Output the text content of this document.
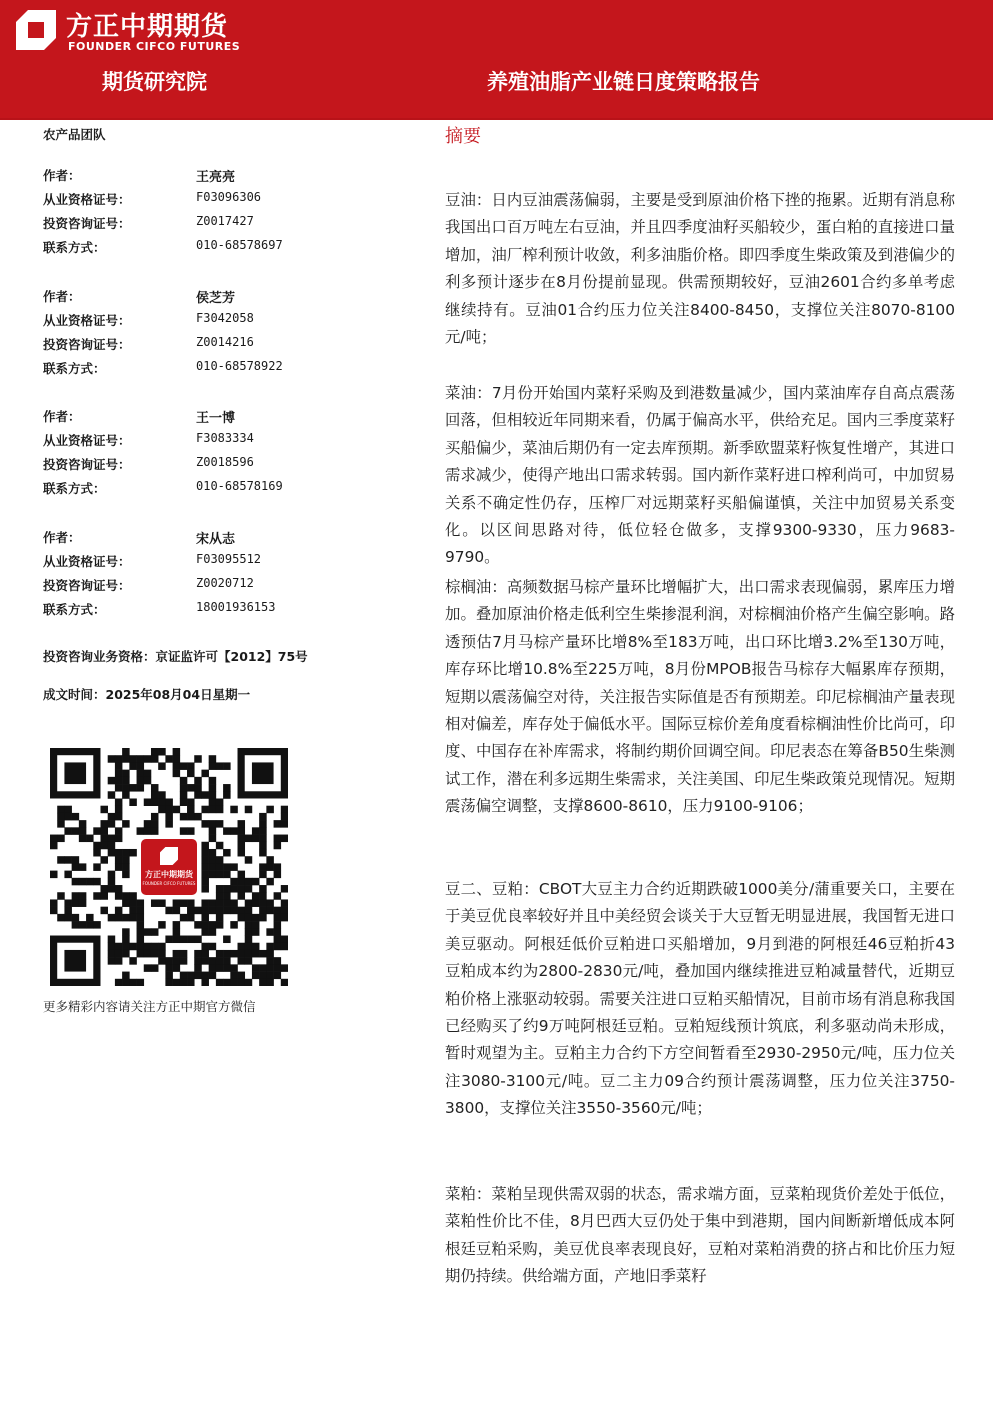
方正中期期货
FOUNDER CIFCO FUTURES
期货研究院	养殖油脂产业链日度策略报告
农产品团队
作者：	王亮亮
从业资格证号：	F03096306
投资咨询证号：	Z0017427
联系方式：	010-68578697
作者：	侯芝芳
从业资格证号：	F3042058
投资咨询证号：	Z0014216
联系方式：	010-68578922
作者：	王一博
从业资格证号：	F3083334
投资咨询证号：	Z0018596
联系方式：	010-68578169
作者：	宋从志
从业资格证号：	F03095512
投资咨询证号：	Z0020712
联系方式：	18001936153
投资咨询业务资格：京证监许可【2012】75号
成文时间：2025年08月04日星期一
方正中期期货
FOUNDER CIFCO FUTURES
更多精彩内容请关注方正中期官方微信
摘要
豆油：日内豆油震荡偏弱，主要是受到原油价格下挫的拖累。近期有消息称我国出口百万吨左右豆油，并且四季度油籽买船较少，蛋白粕的直接进口量增加，油厂榨利预计收敛，利多油脂价格。即四季度生柴政策及到港偏少的利多预计逐步在8月份提前显现。供需预期较好，豆油2601合约多单考虑继续持有。豆油01合约压力位关注8400-8450，支撑位关注8070-8100元/吨；
菜油：7月份开始国内菜籽采购及到港数量减少，国内菜油库存自高点震荡回落，但相较近年同期来看，仍属于偏高水平，供给充足。国内三季度菜籽买船偏少，菜油后期仍有一定去库预期。新季欧盟菜籽恢复性增产，其进口需求减少，使得产地出口需求转弱。国内新作菜籽进口榨利尚可，中加贸易关系不确定性仍存，压榨厂对远期菜籽买船偏谨慎，关注中加贸易关系变化。以区间思路对待，低位轻仓做多，支撑9300-9330，压力9683-9790。
棕榈油：高频数据马棕产量环比增幅扩大，出口需求表现偏弱，累库压力增加。叠加原油价格走低利空生柴掺混利润，对棕榈油价格产生偏空影响。路透预估7月马棕产量环比增8%至183万吨，出口环比增3.2%至130万吨，库存环比增10.8%至225万吨，8月份MPOB报告马棕存大幅累库存预期，短期以震荡偏空对待，关注报告实际值是否有预期差。印尼棕榈油产量表现相对偏差，库存处于偏低水平。国际豆棕价差角度看棕榈油性价比尚可，印度、中国存在补库需求，将制约期价回调空间。印尼表态在筹备B50生柴测试工作，潜在利多远期生柴需求，关注美国、印尼生柴政策兑现情况。短期震荡偏空调整，支撑8600-8610，压力9100-9106；
豆二、豆粕：CBOT大豆主力合约近期跌破1000美分/蒲重要关口，主要在于美豆优良率较好并且中美经贸会谈关于大豆暂无明显进展，我国暂无进口美豆驱动。阿根廷低价豆粕进口买船增加，9月到港的阿根廷46豆粕折43豆粕成本约为2800-2830元/吨，叠加国内继续推进豆粕减量替代，近期豆粕价格上涨驱动较弱。需要关注进口豆粕买船情况，目前市场有消息称我国已经购买了约9万吨阿根廷豆粕。豆粕短线预计筑底，利多驱动尚未形成，暂时观望为主。豆粕主力合约下方空间暂看至2930-2950元/吨，压力位关注3080-3100元/吨。豆二主力09合约预计震荡调整，压力位关注3750-3800，支撑位关注3550-3560元/吨；
菜粕：菜粕呈现供需双弱的状态，需求端方面，豆菜粕现货价差处于低位，菜粕性价比不佳，8月巴西大豆仍处于集中到港期，国内间断新增低成本阿根廷豆粕采购，美豆优良率表现良好，豆粕对菜粕消费的挤占和比价压力短期仍持续。供给端方面，产地旧季菜籽
